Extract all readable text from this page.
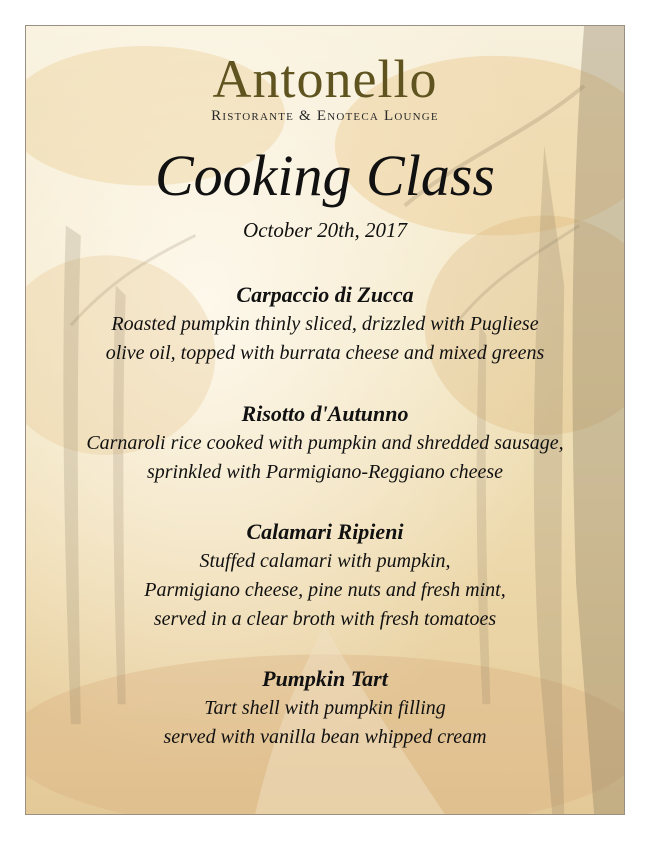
Antonello
Ristorante & Enoteca Lounge
Cooking Class
October 20th, 2017
Carpaccio di Zucca
Roasted pumpkin thinly sliced, drizzled with Pugliese
olive oil, topped with burrata cheese and mixed greens
Risotto d'Autunno
Carnaroli rice cooked with pumpkin and shredded sausage,
sprinkled with Parmigiano-Reggiano cheese
Calamari Ripieni
Stuffed calamari with pumpkin,
Parmigiano cheese, pine nuts and fresh mint,
served in a clear broth with fresh tomatoes
Pumpkin Tart
Tart shell with pumpkin filling
served with vanilla bean whipped cream
